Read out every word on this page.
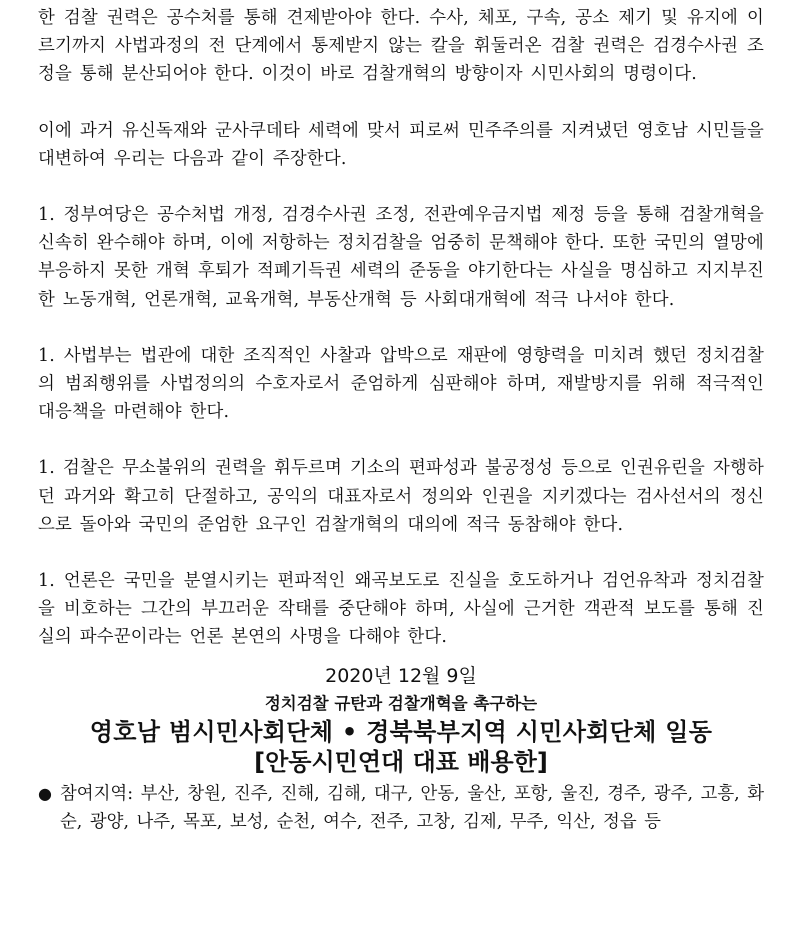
한 검찰 권력은 공수처를 통해 견제받아야 한다. 수사, 체포, 구속, 공소 제기 및 유지에 이르기까지 사법과정의 전 단계에서 통제받지 않는 칼을 휘둘러온 검찰 권력은 검경수사권 조정을 통해 분산되어야 한다. 이것이 바로 검찰개혁의 방향이자 시민사회의 명령이다.

이에 과거 유신독재와 군사쿠데타 세력에 맞서 피로써 민주주의를 지켜냈던 영호남 시민들을 대변하여 우리는 다음과 같이 주장한다.

1. 정부여당은 공수처법 개정, 검경수사권 조정, 전관예우금지법 제정 등을 통해 검찰개혁을 신속히 완수해야 하며, 이에 저항하는 정치검찰을 엄중히 문책해야 한다. 또한 국민의 열망에 부응하지 못한 개혁 후퇴가 적폐기득권 세력의 준동을 야기한다는 사실을 명심하고 지지부진한 노동개혁, 언론개혁, 교육개혁, 부동산개혁 등 사회대개혁에 적극 나서야 한다.

1. 사법부는 법관에 대한 조직적인 사찰과 압박으로 재판에 영향력을 미치려 했던 정치검찰의 범죄행위를 사법정의의 수호자로서 준엄하게 심판해야 하며, 재발방지를 위해 적극적인 대응책을 마련해야 한다.

1. 검찰은 무소불위의 권력을 휘두르며 기소의 편파성과 불공정성 등으로 인권유린을 자행하던 과거와 확고히 단절하고, 공익의 대표자로서 정의와 인권을 지키겠다는 검사선서의 정신으로 돌아와 국민의 준엄한 요구인 검찰개혁의 대의에 적극 동참해야 한다.

1. 언론은 국민을 분열시키는 편파적인 왜곡보도로 진실을 호도하거나 검언유착과 정치검찰을 비호하는 그간의 부끄러운 작태를 중단해야 하며, 사실에 근거한 객관적 보도를 통해 진실의 파수꾼이라는 언론 본연의 사명을 다해야 한다.

2020년 12월 9일
정치검찰 규탄과 검찰개혁을 촉구하는
영호남 범시민사회단체 • 경북북부지역 시민사회단체 일동
[안동시민연대 대표 배용한]
● 참여지역: 부산, 창원, 진주, 진해, 김해, 대구, 안동, 울산, 포항, 울진, 경주, 광주, 고흥, 화순, 광양, 나주, 목포, 보성, 순천, 여수, 전주, 고창, 김제, 무주, 익산, 정읍 등
